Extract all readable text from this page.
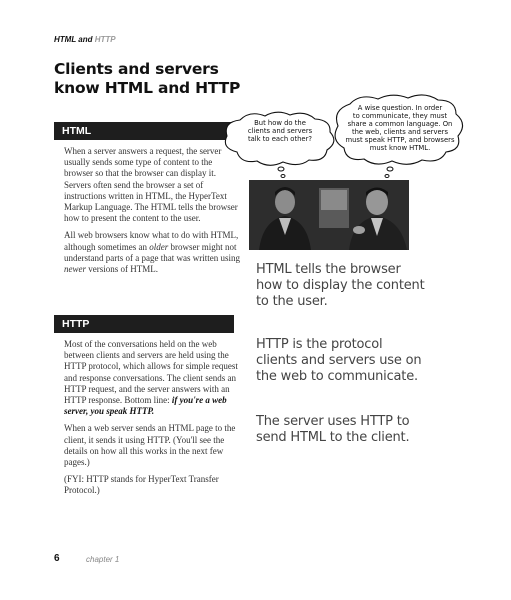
HTML and HTTP
Clients and servers
know HTML and HTTP
HTML

When a server answers a request, the server usually sends some type of content to the browser so that the browser can display it. Servers often send the browser a set of instructions written in HTML, the HyperText Markup Language. The HTML tells the browser how to present the content to the user.

All web browsers know what to do with HTML, although sometimes an older browser might not understand parts of a page that was written using newer versions of HTML.

HTTP

Most of the conversations held on the web between clients and servers are held using the HTTP protocol, which allows for simple request and response conversations. The client sends an HTTP request, and the server answers with an HTTP response. Bottom line: if you're a web server, you speak HTTP.

When a web server sends an HTML page to the client, it sends it using HTTP. (You'll see the details on how all this works in the next few pages.)

(FYI: HTTP stands for HyperText Transfer Protocol.)

But how do the
clients and servers
talk to each other?
A wise question. In order
to communicate, they must
share a common language. On
the web, clients and servers
must speak HTTP, and browsers
must know HTML.
HTML tells the browser
how to display the content
to the user.
HTTP is the protocol
clients and servers use on
the web to communicate.
The server uses HTTP to
send HTML to the client.
6	chapter 1
